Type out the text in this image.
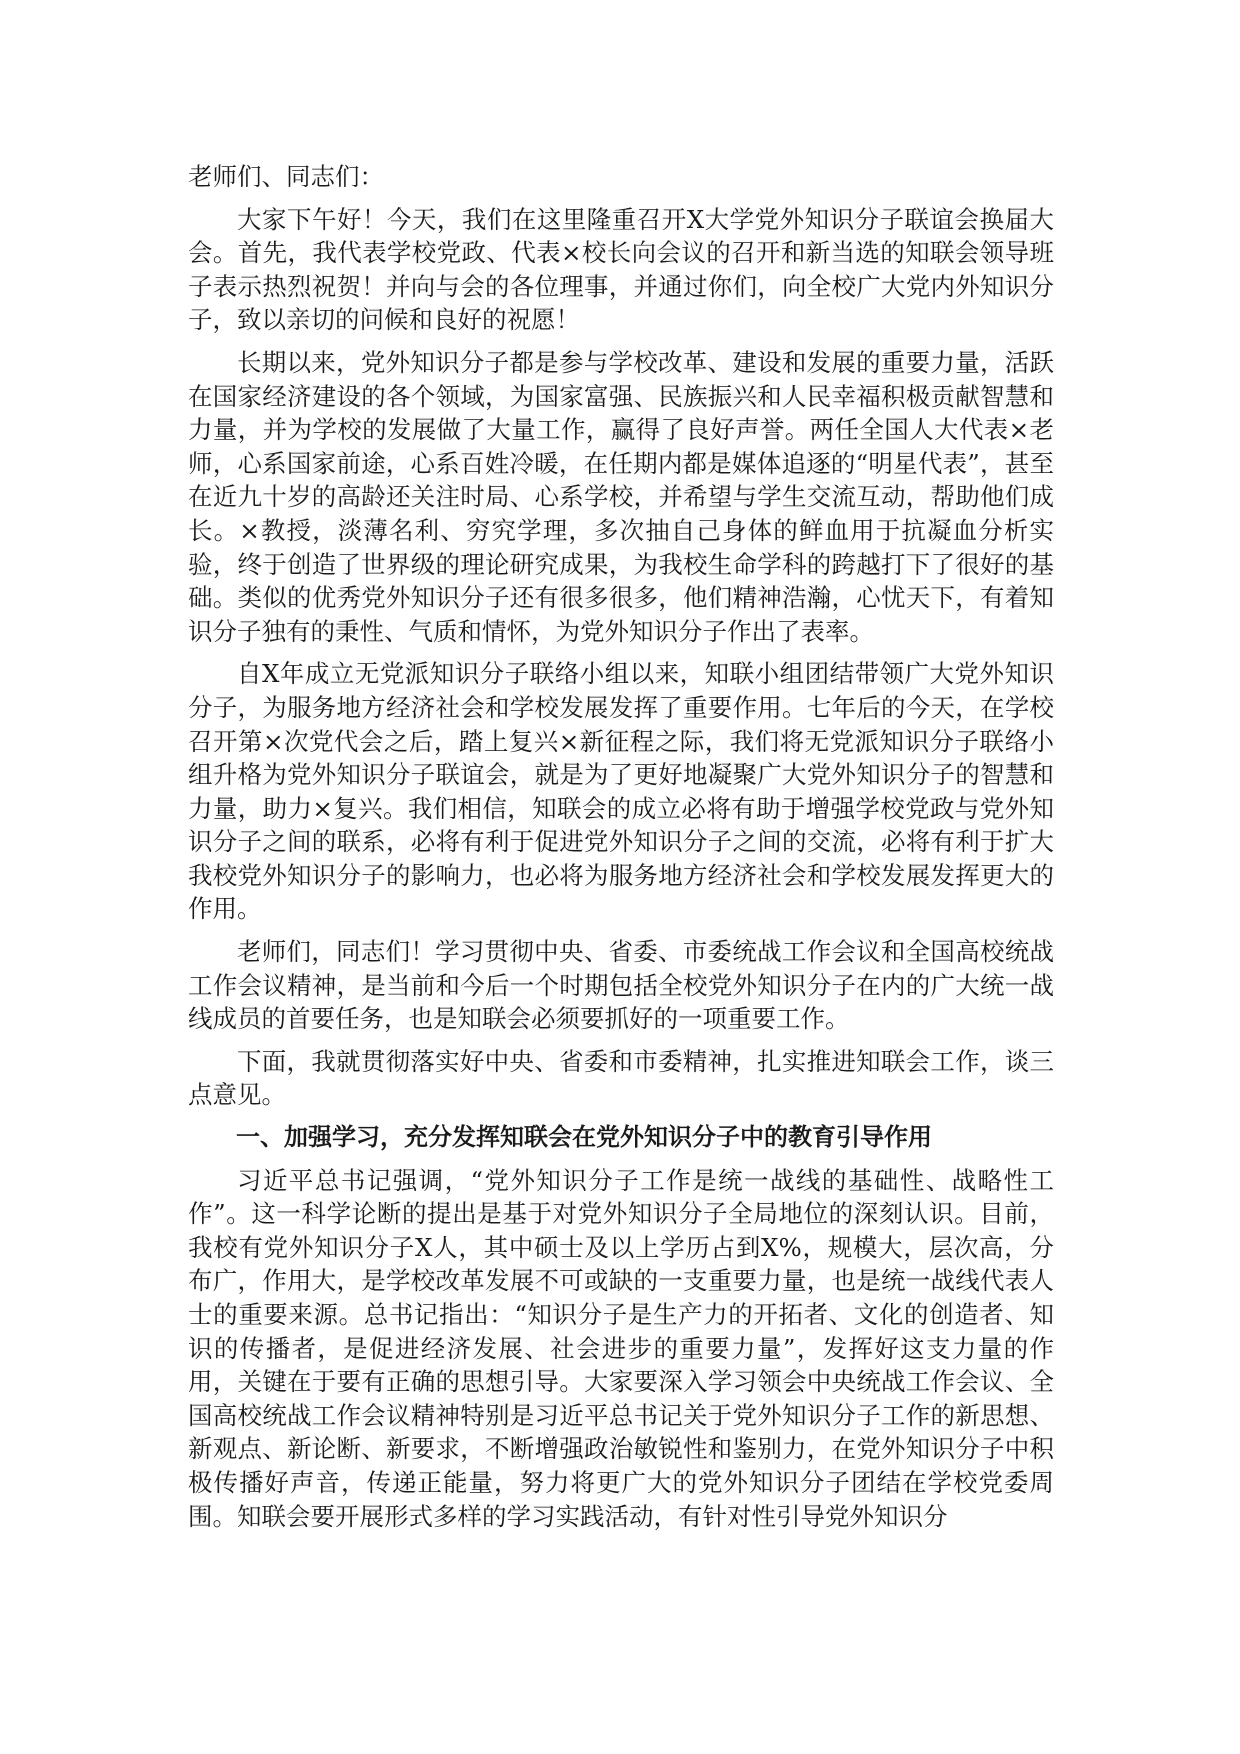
老师们、同志们：

大家下午好！今天，我们在这里隆重召开X大学党外知识分子联谊会换届大会。首先，我代表学校党政、代表×校长向会议的召开和新当选的知联会领导班子表示热烈祝贺！并向与会的各位理事，并通过你们，向全校广大党内外知识分子，致以亲切的问候和良好的祝愿！

长期以来，党外知识分子都是参与学校改革、建设和发展的重要力量，活跃在国家经济建设的各个领域，为国家富强、民族振兴和人民幸福积极贡献智慧和力量，并为学校的发展做了大量工作，赢得了良好声誉。两任全国人大代表×老师，心系国家前途，心系百姓冷暖，在任期内都是媒体追逐的“明星代表”，甚至在近九十岁的高龄还关注时局、心系学校，并希望与学生交流互动，帮助他们成长。×教授，淡薄名利、穷究学理，多次抽自己身体的鲜血用于抗凝血分析实验，终于创造了世界级的理论研究成果，为我校生命学科的跨越打下了很好的基础。类似的优秀党外知识分子还有很多很多，他们精神浩瀚，心忧天下，有着知识分子独有的秉性、气质和情怀，为党外知识分子作出了表率。

自X年成立无党派知识分子联络小组以来，知联小组团结带领广大党外知识分子，为服务地方经济社会和学校发展发挥了重要作用。七年后的今天，在学校召开第×次党代会之后，踏上复兴×新征程之际，我们将无党派知识分子联络小组升格为党外知识分子联谊会，就是为了更好地凝聚广大党外知识分子的智慧和力量，助力×复兴。我们相信，知联会的成立必将有助于增强学校党政与党外知识分子之间的联系，必将有利于促进党外知识分子之间的交流，必将有利于扩大我校党外知识分子的影响力，也必将为服务地方经济社会和学校发展发挥更大的作用。

老师们，同志们！学习贯彻中央、省委、市委统战工作会议和全国高校统战工作会议精神，是当前和今后一个时期包括全校党外知识分子在内的广大统一战线成员的首要任务，也是知联会必须要抓好的一项重要工作。

下面，我就贯彻落实好中央、省委和市委精神，扎实推进知联会工作，谈三点意见。

一、加强学习，充分发挥知联会在党外知识分子中的教育引导作用

习近平总书记强调，“党外知识分子工作是统一战线的基础性、战略性工作”。这一科学论断的提出是基于对党外知识分子全局地位的深刻认识。目前，我校有党外知识分子X人，其中硕士及以上学历占到X%，规模大，层次高，分布广，作用大，是学校改革发展不可或缺的一支重要力量，也是统一战线代表人士的重要来源。总书记指出：“知识分子是生产力的开拓者、文化的创造者、知识的传播者，是促进经济发展、社会进步的重要力量”，发挥好这支力量的作用，关键在于要有正确的思想引导。大家要深入学习领会中央统战工作会议、全国高校统战工作会议精神特别是习近平总书记关于党外知识分子工作的新思想、新观点、新论断、新要求，不断增强政治敏锐性和鉴别力，在党外知识分子中积极传播好声音，传递正能量，努力将更广大的党外知识分子团结在学校党委周围。知联会要开展形式多样的学习实践活动，有针对性引导党外知识分
